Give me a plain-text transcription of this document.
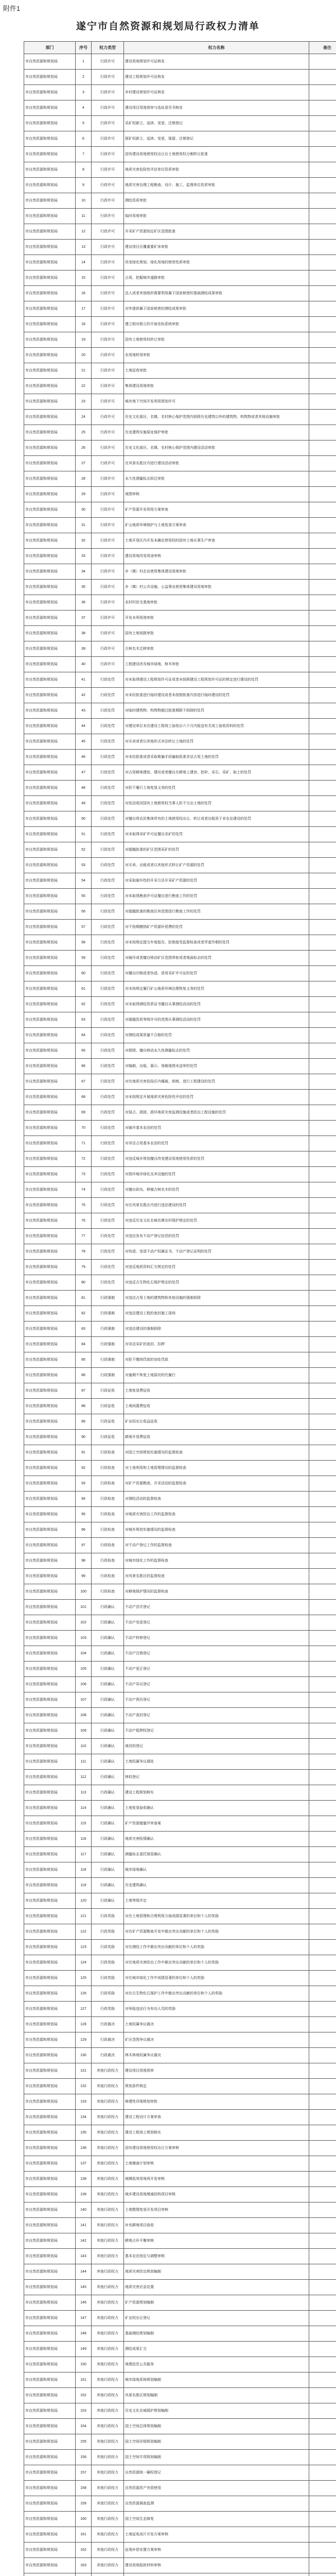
附件1
遂宁市自然资源和规划局行政权力清单
部门	序号	权力类型	权力名称	备注
市自然资源和规划局	1	行政许可	建设用地规划许可证核发	
市自然资源和规划局	2	行政许可	建设工程规划许可证核发	
市自然资源和规划局	3	行政许可	乡村建设规划许可证核发	
市自然资源和规划局	4	行政许可	建设项目用地预审与选址意见书核发	
市自然资源和规划局	5	行政许可	采矿权新立、延续、变更、注销登记	
市自然资源和规划局	6	行政许可	探矿权新立、延续、变更、保留、注销登记	
市自然资源和规划局	7	行政许可	国有建设用地使用权出让后土地使用权分割转让批准	
市自然资源和规划局	8	行政许可	地质灾害危险性评估单位资质审批	
市自然资源和规划局	9	行政许可	地质灾害治理工程勘查、设计、施工、监理单位资质审批	
市自然资源和规划局	10	行政许可	测绘资质审批	
市自然资源和规划局	11	行政许可	临时用地审批	
市自然资源和规划局	12	行政许可	开采矿产资源划定矿区范围批准	
市自然资源和规划局	13	行政许可	建设项目压覆重要矿床审批	
市自然资源和规划局	14	行政许可	改变绿化规划、绿化用地的使用性质审批	
市自然资源和规划局	15	行政许可	占用、挖掘城市道路审批	
市自然资源和规划局	16	行政许可	法人或者其他组织需要利用属于国家秘密的基础测绘成果审批	
市自然资源和规划局	17	行政许可	对外提供属于国家秘密的测绘成果审批	
市自然资源和规划局	18	行政许可	建立相对独立的平面坐标系统审批	
市自然资源和规划局	19	行政许可	国有土地使用权转让审批	
市自然资源和规划局	20	行政许可	农用地转用审批	
市自然资源和规划局	21	行政许可	土地征收审批	
市自然资源和规划局	22	行政许可	集体建设用地审批	
市自然资源和规划局	23	行政许可	城市地下空间开发利用规划许可	
市自然资源和规划局	24	行政许可	历史文化街区、名镇、名村核心保护范围内拆除历史建筑以外的建筑物、构筑物或者其他设施审批	
市自然资源和规划局	25	行政许可	历史建筑实施原址保护审批	
市自然资源和规划局	26	行政许可	历史文化街区、名镇、名村核心保护范围内建设活动审批	
市自然资源和规划局	27	行政许可	在风景名胜区内进行建设活动审批	
市自然资源和规划局	28	行政许可	永久性测量标志拆迁审批	
市自然资源和规划局	29	行政许可	地图审核	
市自然资源和规划局	30	行政许可	矿产资源开发利用方案审查	
市自然资源和规划局	31	行政许可	矿山地质环境保护与土地复垦方案审查	
市自然资源和规划局	32	行政许可	土地开垦区内开发未确定使用权的国有土地从事生产审查	
市自然资源和规划局	33	行政许可	建设用地改变用途审核	
市自然资源和规划局	34	行政许可	乡（镇）村企业使用集体建设用地审批	
市自然资源和规划局	35	行政许可	乡（镇）村公共设施、公益事业使用集体建设用地审批	
市自然资源和规划局	36	行政许可	农村村民宅基地审批	
市自然资源和规划局	37	行政许可	开发未利用地审批	
市自然资源和规划局	38	行政许可	国有土地划拨审批	
市自然资源和规划局	39	行政许可	古树名木迁移审批	
市自然资源和规划局	40	行政许可	工程建设涉及城市绿地、树木审批	
市自然资源和规划局	41	行政处罚	对未取得建设工程规划许可证或者未按照建设工程规划许可证的规定进行建设的处罚	
市自然资源和规划局	42	行政处罚	对未经批准进行临时建设或者未按照批准内容进行临时建设的处罚	
市自然资源和规划局	43	行政处罚	对临时建筑物、构筑物超过批准期限不拆除的处罚	
市自然资源和规划局	44	行政处罚	对建设单位未在建设工程竣工验收后六个月内报送有关竣工验收资料的处罚	
市自然资源和规划局	45	行政处罚	对买卖或者以其他形式非法转让土地的处罚	
市自然资源和规划局	46	行政处罚	对未经批准或者采取欺骗手段骗取批准非法占用土地的处罚	
市自然资源和规划局	47	行政处罚	对占用耕地建窑、建坟或者擅自在耕地上建房、挖砂、采石、采矿、取土的处罚	
市自然资源和规划局	48	行政处罚	对拒不履行土地复垦义务的处罚	
市自然资源和规划局	49	行政处罚	对依法收回国有土地使用权当事人拒不交出土地的处罚	
市自然资源和规划局	50	行政处罚	对擅自将农民集体所有的土地使用权出让、转让或者出租用于非农业建设的处罚	
市自然资源和规划局	51	行政处罚	对未取得采矿许可证擅自采矿的处罚	
市自然资源和规划局	52	行政处罚	对超越批准的矿区范围采矿的处罚	
市自然资源和规划局	53	行政处罚	对买卖、出租或者以其他形式转让矿产资源的处罚	
市自然资源和规划局	54	行政处罚	对采取破坏性的开采方法开采矿产资源的处罚	
市自然资源和规划局	55	行政处罚	对未取得勘查许可证擅自进行勘查工作的处罚	
市自然资源和规划局	56	行政处罚	对超越批准的勘查区块范围进行勘查工作的处罚	
市自然资源和规划局	57	行政处罚	对不按期缴纳矿产资源补偿费的处罚	
市自然资源和规划局	58	行政处罚	对未按规定提交年度报告、拒绝接受监督检查或者弄虚作假的处罚	
市自然资源和规划局	59	行政处罚	对破坏或者擅自移动矿区范围界桩或者地面标志的处罚	
市自然资源和规划局	60	行政处罚	对擅自印制或者伪造、冒用采矿许可证的处罚	
市自然资源和规划局	61	行政处罚	对未按规定履行矿山地质环境治理恢复义务的处罚	
市自然资源和规划局	62	行政处罚	对未取得测绘资质证书擅自从事测绘活动的处罚	
市自然资源和规划局	63	行政处罚	对超越资质等级许可的范围从事测绘活动的处罚	
市自然资源和规划局	64	行政处罚	对测绘成果质量不合格的处罚	
市自然资源和规划局	65	行政处罚	对损毁、擅自移动永久性测量标志的处罚	
市自然资源和规划局	66	行政处罚	对编制、出版、展示、登载地图未送审的处罚	
市自然资源和规划局	67	行政处罚	对在地质灾害危险区内爆破、削坡、进行工程建设的处罚	
市自然资源和规划局	68	行政处罚	对未按规定开展地质灾害危险性评估的处罚	
市自然资源和规划局	69	行政处罚	对侵占、损毁、损坏地质灾害监测设施或者防治工程设施的处罚	
市自然资源和规划局	70	行政处罚	对破坏基本农田的处罚	
市自然资源和规划局	71	行政处罚	对非法占用基本农田的处罚	
市自然资源和规划局	72	行政处罚	对违反城乡规划擅自改变建设用地使用性质的处罚	
市自然资源和规划局	73	行政处罚	对损坏城市绿化及其设施的处罚	
市自然资源和规划局	74	行政处罚	对擅自砍伐、移植古树名木的处罚	
市自然资源和规划局	75	行政处罚	对在风景名胜区内进行违法建设的处罚	
市自然资源和规划局	76	行政处罚	对违反历史文化名城名镇名村保护规定的处罚	
市自然资源和规划局	77	行政处罚	对违法发布不动产登记信息的处罚	
市自然资源和规划局	78	行政处罚	对伪造、变造不动产权属证书、不动产登记证明的处罚	
市自然资源和规划局	79	行政处罚	对违反地质资料汇交规定的处罚	
市自然资源和规划局	80	行政处罚	对违反古生物化石保护规定的处罚	
市自然资源和规划局	81	行政强制	对违法占用土地的建筑物和其他设施的强制拆除	
市自然资源和规划局	82	行政强制	对违法建设工程的查封施工现场	
市自然资源和规划局	83	行政强制	对违法建设的强制拆除	
市自然资源和规划局	84	行政强制	对非法采矿的查封、扣押	
市自然资源和规划局	85	行政强制	对拒不缴纳罚款的加处罚款	
市自然资源和规划局	86	行政强制	对逾期不恢复土地原状的代履行	
市自然资源和规划局	87	行政征收	土地复垦费征收	
市自然资源和规划局	88	行政征收	土地闲置费征收	
市自然资源和规划局	89	行政征收	矿业权出让收益征收	
市自然资源和规划局	90	行政征收	耕地开垦费征收	
市自然资源和规划局	91	行政检查	对国土空间规划实施情况的监督检查	
市自然资源和规划局	92	行政检查	对土地利用和土地管理情况的监督检查	
市自然资源和规划局	93	行政检查	对矿产资源勘查、开采活动的监督检查	
市自然资源和规划局	94	行政检查	对测绘活动的监督检查	
市自然资源和规划局	95	行政检查	对地质灾害防治工作的监督检查	
市自然资源和规划局	96	行政检查	对城乡规划实施情况的监督检查	
市自然资源和规划局	97	行政检查	对不动产登记工作的监督检查	
市自然资源和规划局	98	行政检查	对城市绿化工作的监督检查	
市自然资源和规划局	99	行政检查	对风景名胜区的监督检查	
市自然资源和规划局	100	行政检查	对耕地保护情况的监督检查	
市自然资源和规划局	101	行政确认	不动产首次登记	
市自然资源和规划局	102	行政确认	不动产变更登记	
市自然资源和规划局	103	行政确认	不动产转移登记	
市自然资源和规划局	104	行政确认	不动产注销登记	
市自然资源和规划局	105	行政确认	不动产更正登记	
市自然资源和规划局	106	行政确认	不动产异议登记	
市自然资源和规划局	107	行政确认	不动产预告登记	
市自然资源和规划局	108	行政确认	不动产查封登记	
市自然资源和规划局	109	行政确认	不动产抵押权登记	
市自然资源和规划局	110	行政确认	地役权登记	
市自然资源和规划局	111	行政确认	土地权属争议调处	
市自然资源和规划局	112	行政确认	林权登记	
市自然资源和规划局	113	行政确认	建设工程规划核实	
市自然资源和规划局	114	行政确认	土地复垦验收确认	
市自然资源和规划局	115	行政确认	矿产资源储量评审备案	
市自然资源和规划局	116	行政确认	地质灾害险情确认	
市自然资源和规划局	117	行政确认	测量标志委托保管确认	
市自然资源和规划局	118	行政确认	城市绿地确认	
市自然资源和规划局	119	行政确认	历史建筑确认	
市自然资源和规划局	120	行政确认	土地等级评定	
市自然资源和规划局	121	行政奖励	对在土地管理和合理利用方面成绩显著的单位和个人的奖励	
市自然资源和规划局	122	行政奖励	对在矿产资源勘查开发中做出突出贡献的单位和个人的奖励	
市自然资源和规划局	123	行政奖励	对在测绘工作中做出突出贡献的单位和个人的奖励	
市自然资源和规划局	124	行政奖励	对在地质灾害防治工作中做出突出贡献的单位和个人的奖励	
市自然资源和规划局	125	行政奖励	对在城市绿化工作中成绩显著的单位和个人的奖励	
市自然资源和规划局	126	行政奖励	对在古生物化石保护工作中做出突出贡献的单位和个人的奖励	
市自然资源和规划局	127	行政奖励	对举报违法行为有功人员的奖励	
市自然资源和规划局	128	行政裁决	土地权属争议裁决	
市自然资源和规划局	129	行政裁决	矿区范围争议裁决	
市自然资源和规划局	130	行政裁决	林木林地权属争议裁决	
市自然资源和规划局	131	其他行政权力	建设项目用地预审	
市自然资源和规划局	132	其他行政权力	规划条件核定	
市自然资源和规划局	133	其他行政权力	修建性详细规划审批	
市自然资源和规划局	134	其他行政权力	建设工程设计方案审查	
市自然资源和规划局	135	其他行政权力	建设工程竣工规划核实	
市自然资源和规划局	136	其他行政权力	国有建设用地使用权出让方案审核	
市自然资源和规划局	137	其他行政权力	土地储备计划审核	
市自然资源和规划局	138	其他行政权力	城镇低效用地再开发审核	
市自然资源和规划局	139	其他行政权力	城乡建设用地增减挂钩项目审核	
市自然资源和规划局	140	其他行政权力	土地整理复垦开发项目审核	
市自然资源和规划局	141	其他行政权力	补充耕地项目验收	
市自然资源和规划局	142	其他行政权力	耕地占补平衡审核	
市自然资源和规划局	143	其他行政权力	基本农田划定与调整审核	
市自然资源和规划局	144	其他行政权力	地质灾害防治规划编制	
市自然资源和规划局	145	其他行政权力	地质灾害应急处置	
市自然资源和规划局	146	其他行政权力	矿产资源规划编制	
市自然资源和规划局	147	其他行政权力	矿业权出让登记	
市自然资源和规划局	148	其他行政权力	基础测绘规划编制	
市自然资源和规划局	149	其他行政权力	测绘成果汇交	
市自然资源和规划局	150	其他行政权力	地理信息公共服务	
市自然资源和规划局	151	其他行政权力	城市绿地系统规划编制	
市自然资源和规划局	152	其他行政权力	风景名胜区规划编制	
市自然资源和规划局	153	其他行政权力	历史文化名城保护规划编制	
市自然资源和规划局	154	其他行政权力	国土空间总体规划编制	
市自然资源和规划局	155	其他行政权力	国土空间详细规划编制	
市自然资源和规划局	156	其他行政权力	国土空间专项规划编制	
市自然资源和规划局	157	其他行政权力	自然资源统一确权登记	
市自然资源和规划局	158	其他行政权力	自然资源资产有偿使用	
市自然资源和规划局	159	其他行政权力	自然资源调查监测	
市自然资源和规划局	160	其他行政权力	国土空间生态修复	
市自然资源和规划局	161	其他行政权力	土地征收成片开发方案审核	
市自然资源和规划局	162	其他行政权力	征地补偿安置方案审核	
市自然资源和规划局	163	其他行政权力	建设用地报批材料审核	
